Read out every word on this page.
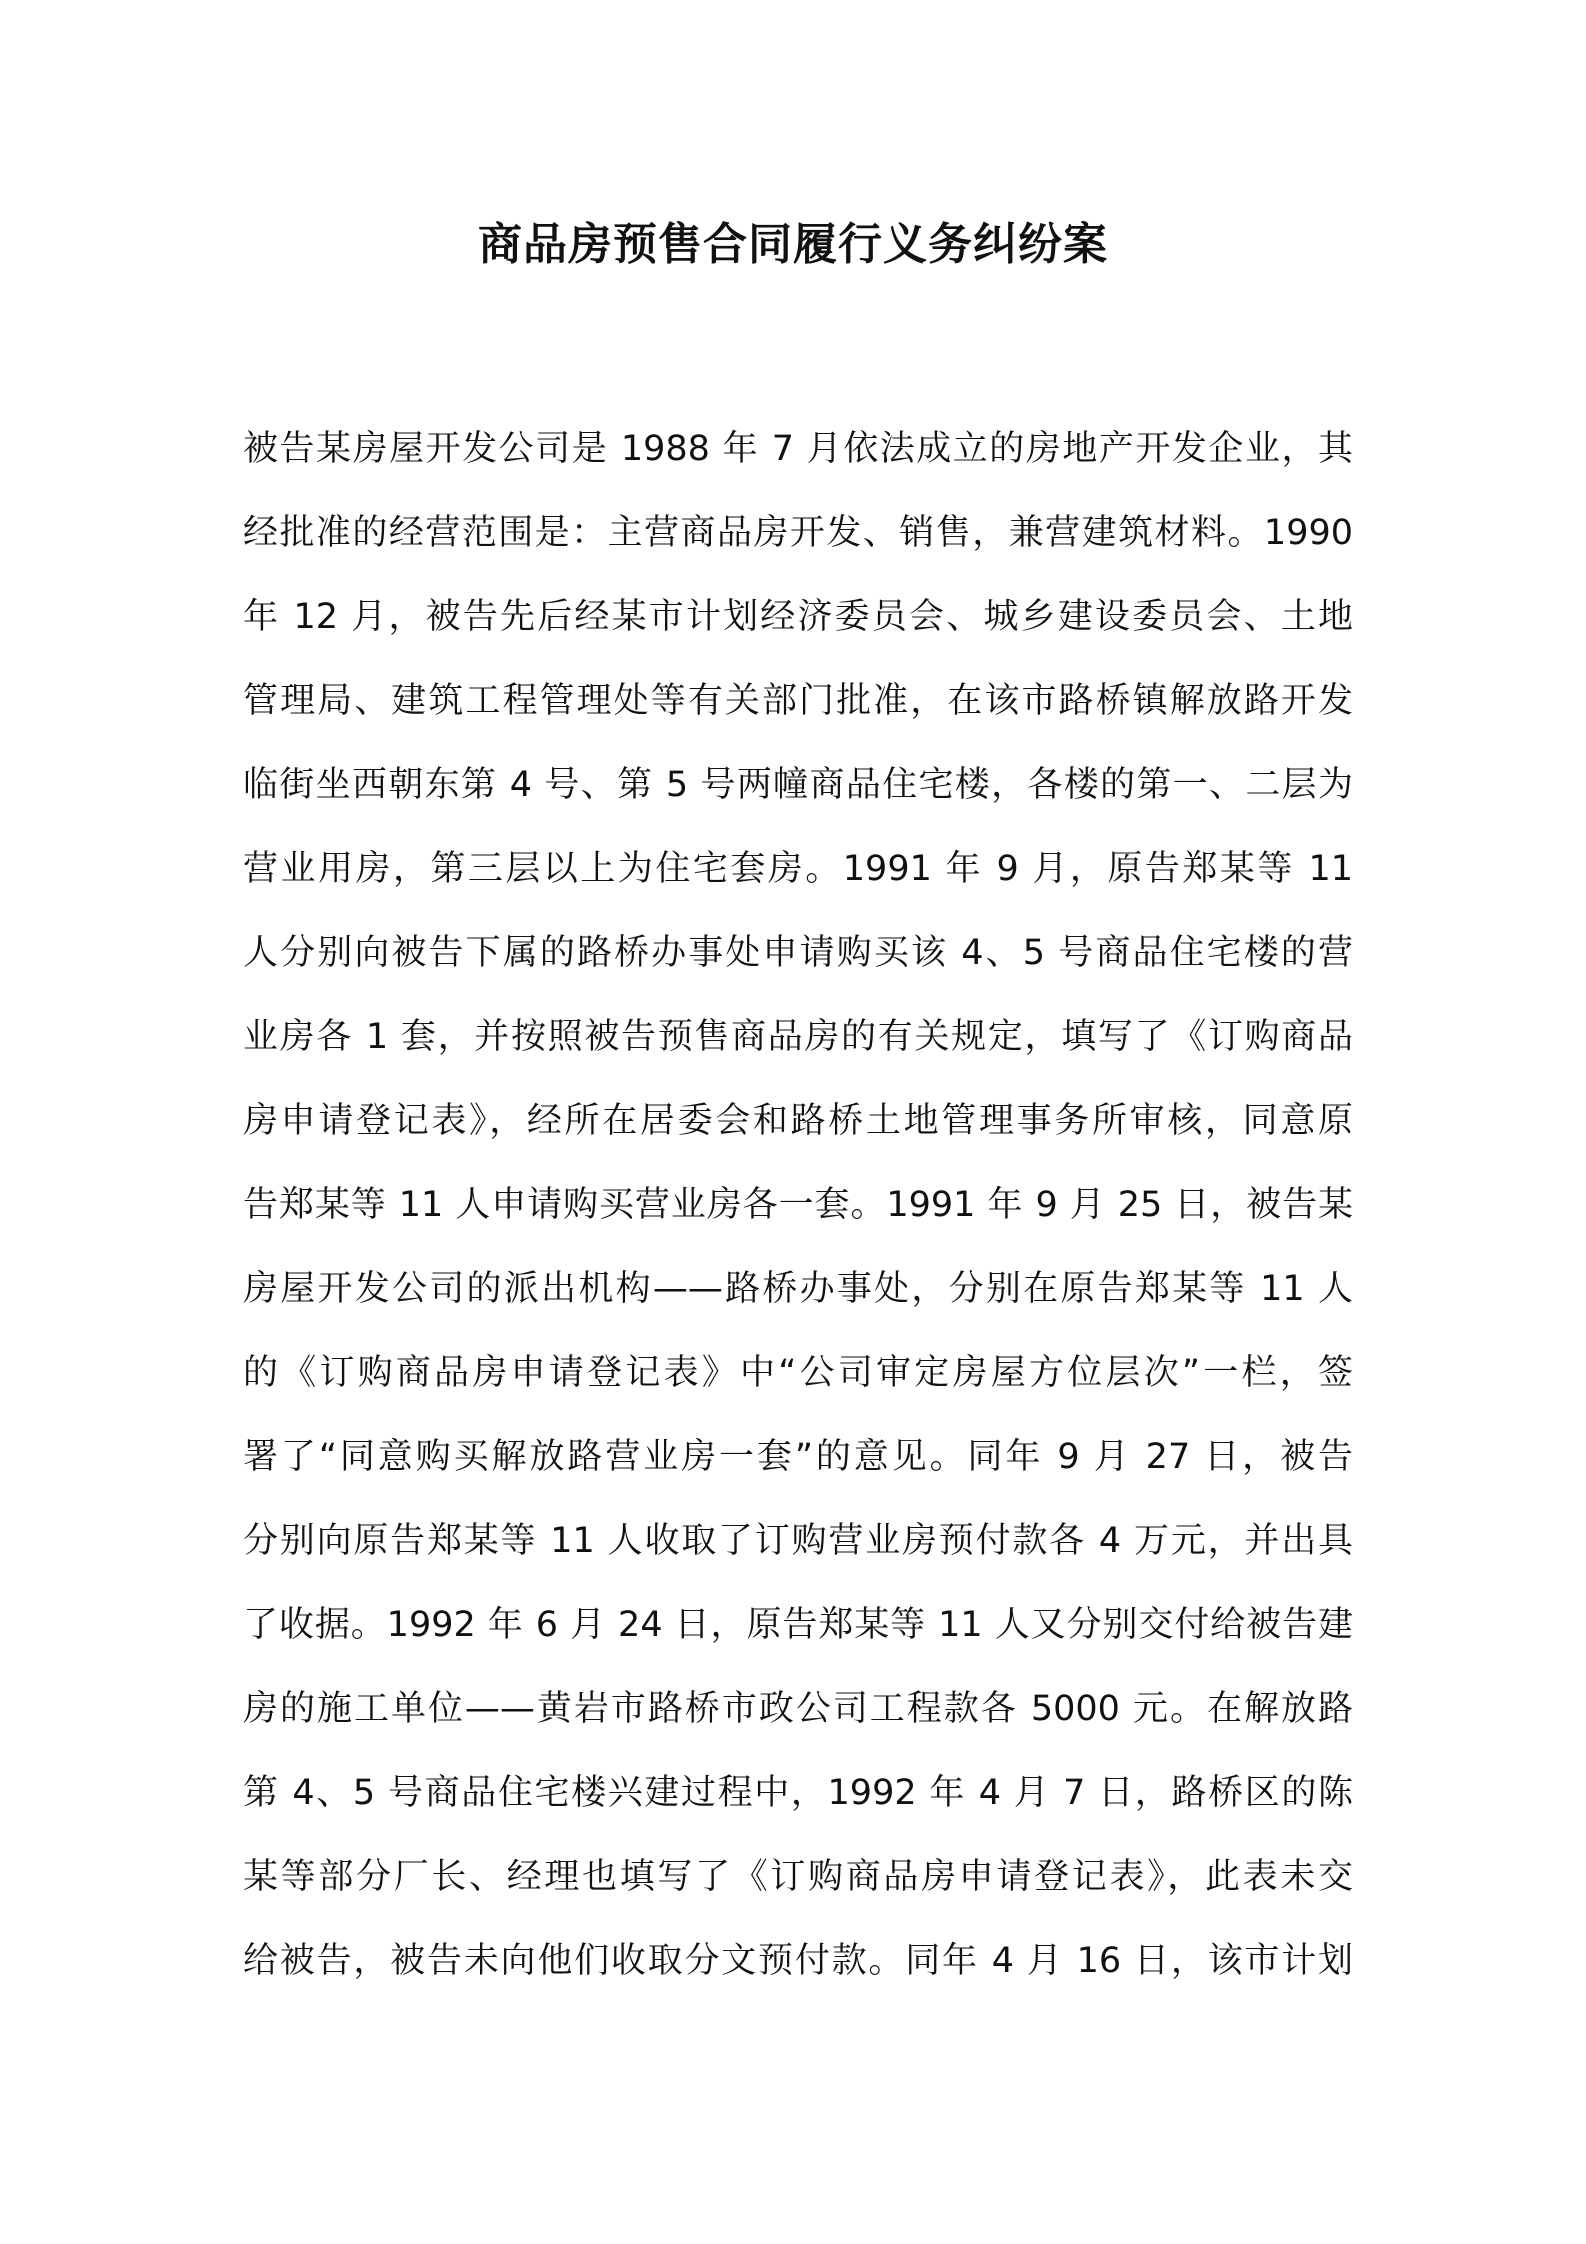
商品房预售合同履行义务纠纷案
被告某房屋开发公司是 1988 年 7 月依法成立的房地产开发企业，其
经批准的经营范围是：主营商品房开发、销售，兼营建筑材料。1990
年 12 月，被告先后经某市计划经济委员会、城乡建设委员会、土地
管理局、建筑工程管理处等有关部门批准，在该市路桥镇解放路开发
临街坐西朝东第 4 号、第 5 号两幢商品住宅楼，各楼的第一、二层为
营业用房，第三层以上为住宅套房。1991 年 9 月，原告郑某等 11
人分别向被告下属的路桥办事处申请购买该 4、5 号商品住宅楼的营
业房各 1 套，并按照被告预售商品房的有关规定，填写了《订购商品
房申请登记表》，经所在居委会和路桥土地管理事务所审核，同意原
告郑某等 11 人申请购买营业房各一套。1991 年 9 月 25 日，被告某
房屋开发公司的派出机构——路桥办事处，分别在原告郑某等 11 人
的《订购商品房申请登记表》中“公司审定房屋方位层次”一栏，签
署了“同意购买解放路营业房一套”的意见。同年 9 月 27 日，被告
分别向原告郑某等 11 人收取了订购营业房预付款各 4 万元，并出具
了收据。1992 年 6 月 24 日，原告郑某等 11 人又分别交付给被告建
房的施工单位——黄岩市路桥市政公司工程款各 5000 元。在解放路
第 4、5 号商品住宅楼兴建过程中，1992 年 4 月 7 日，路桥区的陈
某等部分厂长、经理也填写了《订购商品房申请登记表》，此表未交
给被告，被告未向他们收取分文预付款。同年 4 月 16 日，该市计划
